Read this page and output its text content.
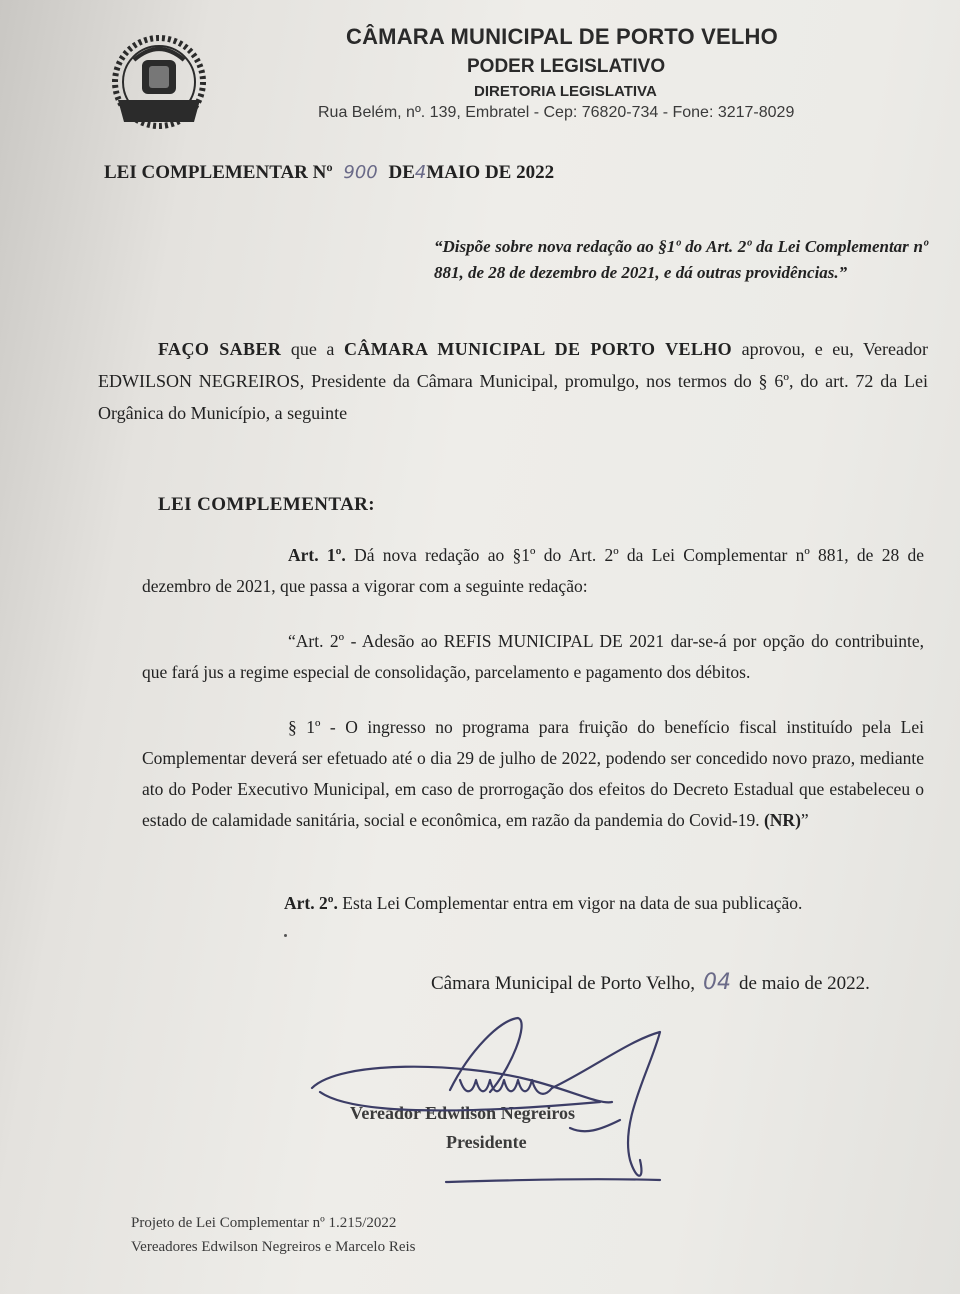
CÂMARA MUNICIPAL DE PORTO VELHO
PODER LEGISLATIVO
DIRETORIA LEGISLATIVA
Rua Belém, nº. 139, Embratel - Cep: 76820-734 - Fone: 3217-8029
LEI COMPLEMENTAR Nº 900 DE4MAIO DE 2022
“Dispõe sobre nova redação ao §1º do Art. 2º da Lei Complementar nº 881, de 28 de dezembro de 2021, e dá outras providências.”
FAÇO SABER que a CÂMARA MUNICIPAL DE PORTO VELHO aprovou, e eu, Vereador EDWILSON NEGREIROS, Presidente da Câmara Municipal, promulgo, nos termos do § 6º, do art. 72 da Lei Orgânica do Município, a seguinte
LEI COMPLEMENTAR:
Art. 1º. Dá nova redação ao §1º do Art. 2º da Lei Complementar nº 881, de 28 de dezembro de 2021, que passa a vigorar com a seguinte redação:
“Art. 2º - Adesão ao REFIS MUNICIPAL DE 2021 dar-se-á por opção do contribuinte, que fará jus a regime especial de consolidação, parcelamento e pagamento dos débitos.
§ 1º - O ingresso no programa para fruição do benefício fiscal instituído pela Lei Complementar deverá ser efetuado até o dia 29 de julho de 2022, podendo ser concedido novo prazo, mediante ato do Poder Executivo Municipal, em caso de prorrogação dos efeitos do Decreto Estadual que estabeleceu o estado de calamidade sanitária, social e econômica, em razão da pandemia do Covid-19. (NR)”
Art. 2º. Esta Lei Complementar entra em vigor na data de sua publicação.
Câmara Municipal de Porto Velho, 04 de maio de 2022.
Vereador Edwilson Negreiros
Presidente
Projeto de Lei Complementar nº 1.215/2022
Vereadores Edwilson Negreiros e Marcelo Reis
